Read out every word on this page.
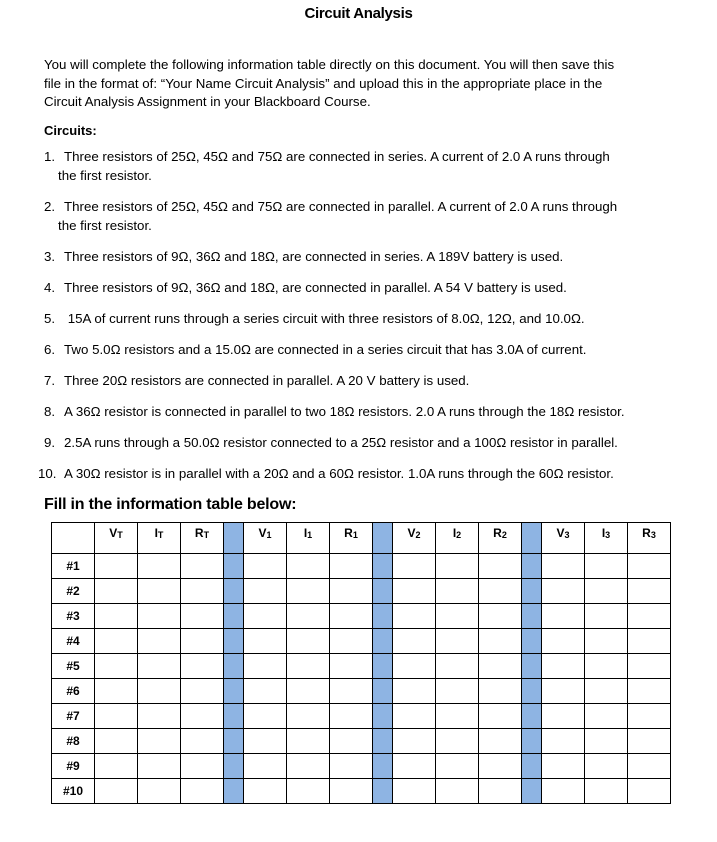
Circuit Analysis
You will complete the following information table directly on this document. You will then save this
file in the format of: “Your Name Circuit Analysis” and upload this in the appropriate place in the
Circuit Analysis Assignment in your Blackboard Course.
Circuits:
1. Three resistors of 25Ω, 45Ω and 75Ω are connected in series. A current of 2.0 A runs through
the first resistor.
2. Three resistors of 25Ω, 45Ω and 75Ω are connected in parallel. A current of 2.0 A runs through
the first resistor.
3. Three resistors of 9Ω, 36Ω and 18Ω, are connected in series. A 189V battery is used.
4. Three resistors of 9Ω, 36Ω and 18Ω, are connected in parallel. A 54 V battery is used.
5. 15A of current runs through a series circuit with three resistors of 8.0Ω, 12Ω, and 10.0Ω.
6. Two 5.0Ω resistors and a 15.0Ω are connected in a series circuit that has 3.0A of current.
7. Three 20Ω resistors are connected in parallel. A 20 V battery is used.
8. A 36Ω resistor is connected in parallel to two 18Ω resistors. 2.0 A runs through the 18Ω resistor.
9. 2.5A runs through a 50.0Ω resistor connected to a 25Ω resistor and a 100Ω resistor in parallel.
10. A 30Ω resistor is in parallel with a 20Ω and a 60Ω resistor. 1.0A runs through the 60Ω resistor.
Fill in the information table below:
	$V_T$	$I_T$	$R_T$		$V_1$	$I_1$	$R_1$		$V_2$	$I_2$	$R_2$		$V_3$	$I_3$	$R_3$
#1															
#2															
#3															
#4															
#5															
#6															
#7															
#8															
#9															
#10															
